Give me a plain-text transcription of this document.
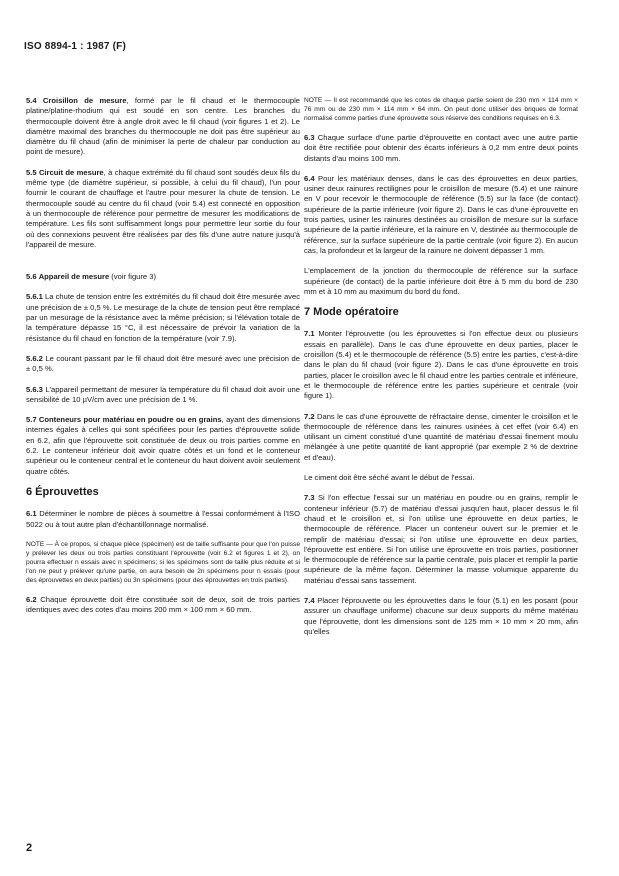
ISO 8894-1 : 1987 (F)

5.4 Croisillon de mesure, formé par le fil chaud et le thermocouple platine/platine-rhodium qui est soudé en son centre. Les branches du thermocouple doivent être à angle droit avec le fil chaud (voir figures 1 et 2). Le diamètre maximal des branches du thermocouple ne doit pas être supérieur au diamètre du fil chaud (afin de minimiser la perte de chaleur par conduction au point de mesure).

5.5 Circuit de mesure, à chaque extrémité du fil chaud sont soudés deux fils du même type (de diamètre supérieur, si possible, à celui du fil chaud), l'un pour fournir le courant de chauffage et l'autre pour mesurer la chute de tension. Le thermocouple soudé au centre du fil chaud (voir 5.4) est connecté en opposition à un thermocouple de référence pour permettre de mesurer les modifications de température. Les fils sont suffisamment longs pour permettre leur sortie du four où des connexions peuvent être réalisées par des fils d'une autre nature jusqu'à l'appareil de mesure.

5.6 Appareil de mesure (voir figure 3)

5.6.1 La chute de tension entre les extrémités du fil chaud doit être mesurée avec une précision de ± 0,5 %. Le mesurage de la chute de tension peut être remplacé par un mesurage de la résistance avec la même précision; si l'élévation totale de la température dépasse 15 °C, il est nécessaire de prévoir la variation de la résistance du fil chaud en fonction de la température (voir 7.9).

5.6.2 Le courant passant par le fil chaud doit être mesuré avec une précision de ± 0,5 %.

5.6.3 L'appareil permettant de mesurer la température du fil chaud doit avoir une sensibilité de 10 µV/cm avec une précision de 1 %.

5.7 Conteneurs pour matériau en poudre ou en grains, ayant des dimensions internes égales à celles qui sont spécifiées pour les parties d'éprouvette solide en 6.2, afin que l'éprouvette soit constituée de deux ou trois parties comme en 6.2. Le conteneur inférieur doit avoir quatre côtés et un fond et le conteneur supérieur ou le conteneur central et le conteneur du haut doivent avoir seulement quatre côtés.

6 Éprouvettes

6.1 Déterminer le nombre de pièces à soumettre à l'essai conformément à l'ISO 5022 ou à tout autre plan d'échantillonnage normalisé.

NOTE — À ce propos, si chaque pièce (spécimen) est de taille suffisante pour que l'on puisse y prélever les deux ou trois parties constituant l'éprouvette (voir 6.2 et figures 1 et 2), on pourra effectuer n essais avec n spécimens; si les spécimens sont de taille plus réduite et si l'on ne peut y prélever qu'une partie, on aura besoin de 2n spécimens pour n essais (pour des éprouvettes en deux parties) ou 3n spécimens (pour des éprouvettes en trois parties).

6.2 Chaque éprouvette doit être constituée soit de deux, soit de trois parties identiques avec des cotes d'au moins 200 mm × 100 mm × 60 mm.

NOTE — Il est recommandé que les cotes de chaque partie soient de 230 mm × 114 mm × 76 mm ou de 230 mm × 114 mm × 64 mm. On peut donc utiliser des briques de format normalisé comme parties d'une éprouvette sous réserve des conditions requises en 6.3.

6.3 Chaque surface d'une partie d'éprouvette en contact avec une autre partie doit être rectifiée pour obtenir des écarts inférieurs à 0,2 mm entre deux points distants d'au moins 100 mm.

6.4 Pour les matériaux denses, dans le cas des éprouvettes en deux parties, usiner deux rainures rectilignes pour le croisillon de mesure (5.4) et une rainure en V pour recevoir le thermocouple de référence (5.5) sur la face (de contact) supérieure de la partie inférieure (voir figure 2). Dans le cas d'une éprouvette en trois parties, usiner les rainures destinées au croisillon de mesure sur la surface supérieure de la partie inférieure, et la rainure en V, destinée au thermocouple de référence, sur la surface supérieure de la partie centrale (voir figure 2). En aucun cas, la profondeur et la largeur de la rainure ne doivent dépasser 1 mm.

L'emplacement de la jonction du thermocouple de référence sur la surface supérieure (de contact) de la partie inférieure doit être à 5 mm du bord de 230 mm et à 10 mm au maximum du bord du fond.

7 Mode opératoire

7.1 Monter l'éprouvette (ou les éprouvettes si l'on effectue deux ou plusieurs essais en parallèle). Dans le cas d'une éprouvette en deux parties, placer le croisillon (5.4) et le thermocouple de référence (5.5) entre les parties, c'est-à-dire dans le plan du fil chaud (voir figure 2). Dans le cas d'une éprouvette en trois parties, placer le croisillon avec le fil chaud entre les parties centrale et inférieure, et le thermocouple de référence entre les parties supérieure et centrale (voir figure 1).

7.2 Dans le cas d'une éprouvette de réfractaire dense, cimenter le croisillon et le thermocouple de référence dans les rainures usinées à cet effet (voir 6.4) en utilisant un ciment constitué d'une quantité de matériau d'essai finement moulu mélangée à une petite quantité de liant approprié (par exemple 2 % de dextrine et d'eau).

Le ciment doit être séché avant le début de l'essai.

7.3 Si l'on effectue l'essai sur un matériau en poudre ou en grains, remplir le conteneur inférieur (5.7) de matériau d'essai jusqu'en haut, placer dessus le fil chaud et le croisillon et, si l'on utilise une éprouvette en deux parties, le thermocouple de référence. Placer un conteneur ouvert sur le premier et le remplir de matériau d'essai; si l'on utilise une éprouvette en deux parties, l'éprouvette est entière. Si l'on utilise une éprouvette en trois parties, positionner le thermocouple de référence sur la partie centrale, puis placer et remplir la partie supérieure de la même façon. Déterminer la masse volumique apparente du matériau d'essai sans tassement.

7.4 Placer l'éprouvette ou les éprouvettes dans le four (5.1) en les posant (pour assurer un chauffage uniforme) chacune sur deux supports du même matériau que l'éprouvette, dont les dimensions sont de 125 mm × 10 mm × 20 mm, afin qu'elles

2
